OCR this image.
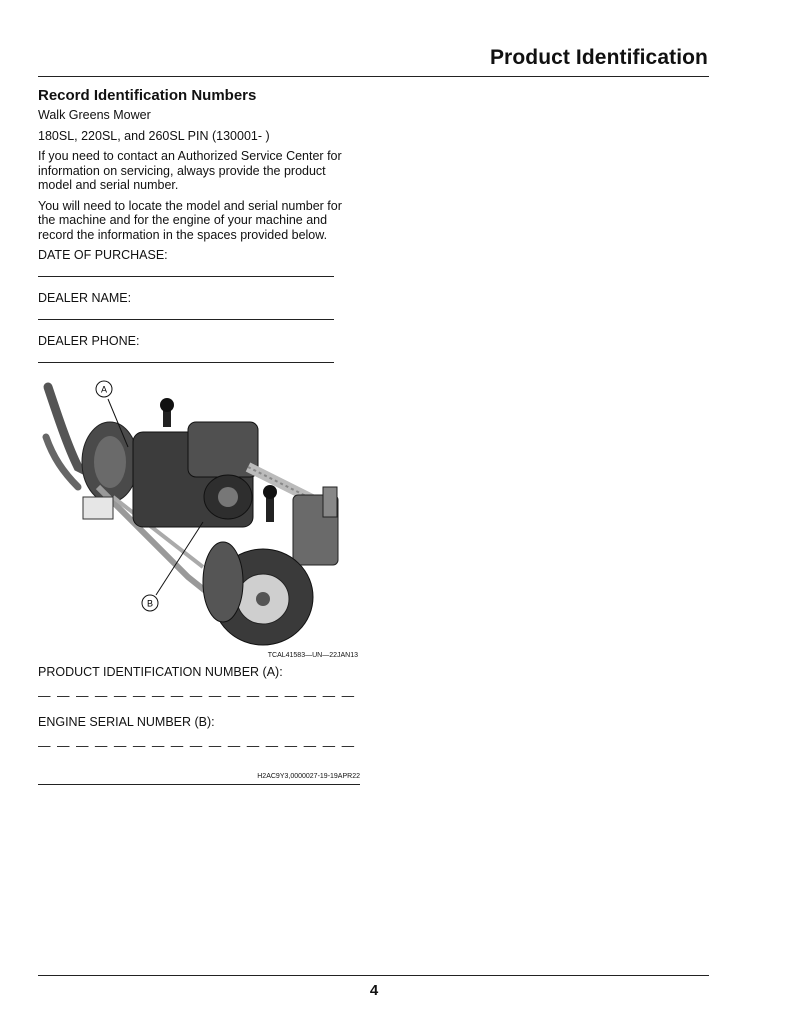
Product Identification
Record Identification Numbers
Walk Greens Mower
180SL, 220SL, and 260SL PIN (130001- )
If you need to contact an Authorized Service Center for information on servicing, always provide the product model and serial number.
You will need to locate the model and serial number for the machine and for the engine of your machine and record the information in the spaces provided below.
DATE OF PURCHASE:
DEALER NAME:
DEALER PHONE:
A
B
TCAL41583—UN—22JAN13
PRODUCT IDENTIFICATION NUMBER (A):
— — — — — — — — — — — — — — — — —
ENGINE SERIAL NUMBER (B):
— — — — — — — — — — — — — — — — —
H2AC9Y3,0000027-19-19APR22
4
